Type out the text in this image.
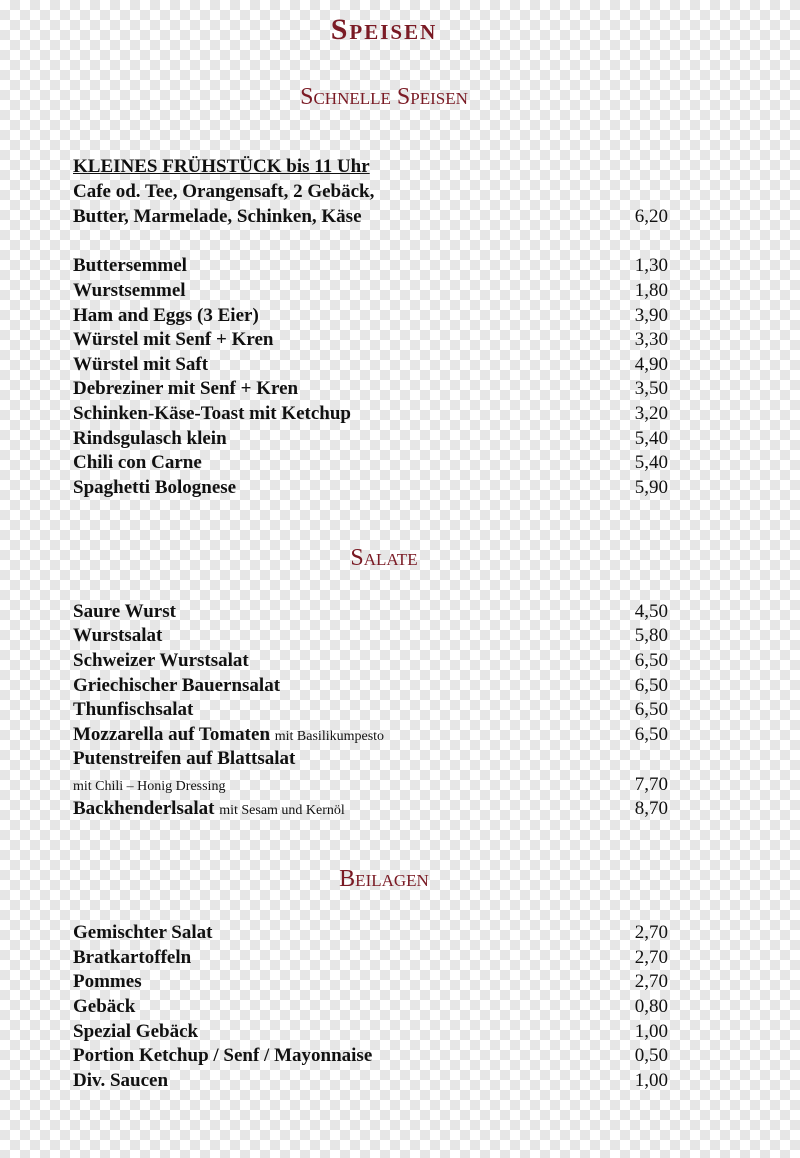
Speisen
Schnelle Speisen
KLEINES FRÜHSTÜCK bis 11 Uhr
Cafe od. Tee, Orangensaft, 2 Gebäck,
Butter, Marmelade, Schinken, Käse	6,20
Buttersemmel	1,30
Wurstsemmel	1,80
Ham and Eggs (3 Eier)	3,90
Würstel mit Senf + Kren	3,30
Würstel mit Saft	4,90
Debreziner mit Senf + Kren	3,50
Schinken-Käse-Toast mit Ketchup	3,20
Rindsgulasch klein	5,40
Chili con Carne	5,40
Spaghetti Bolognese	5,90
Salate
Saure Wurst	4,50
Wurstsalat	5,80
Schweizer Wurstsalat	6,50
Griechischer Bauernsalat	6,50
Thunfischsalat	6,50
Mozzarella auf Tomaten mit Basilikumpesto	6,50
Putenstreifen auf Blattsalat
mit Chili – Honig Dressing	7,70
Backhenderlsalat mit Sesam und Kernöl	8,70
Beilagen
Gemischter Salat	2,70
Bratkartoffeln	2,70
Pommes	2,70
Gebäck	0,80
Spezial Gebäck	1,00
Portion Ketchup / Senf / Mayonnaise	0,50
Div. Saucen	1,00
